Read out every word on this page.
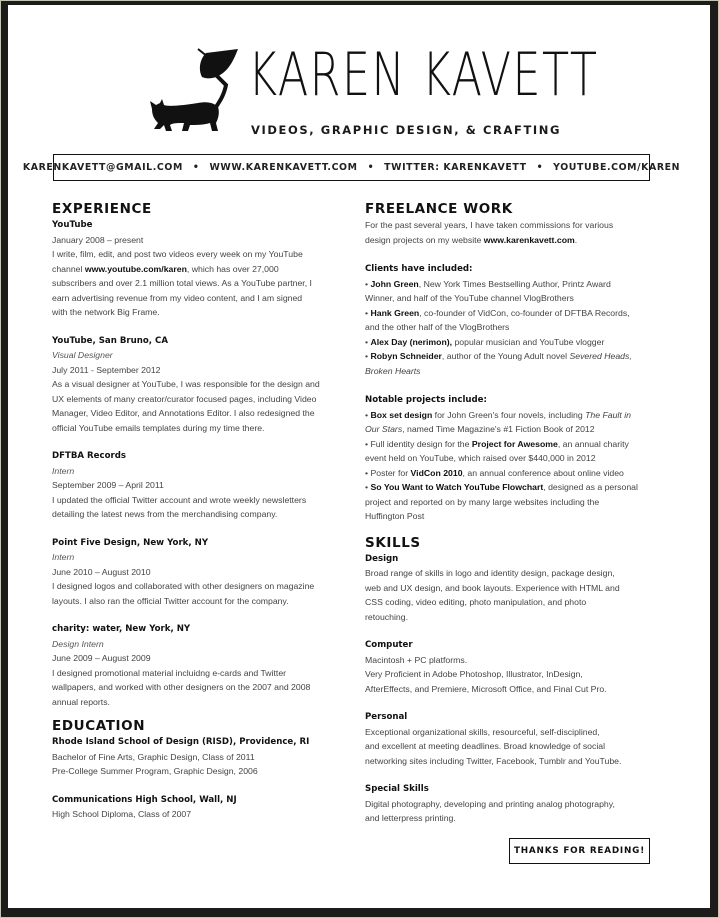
KAREN KAVETT
VIDEOS, GRAPHIC DESIGN, & CRAFTING
KARENKAVETT@GMAIL.COM • WWW.KARENKAVETT.COM • TWITTER: KARENKAVETT • YOUTUBE.COM/KAREN
EXPERIENCE
YouTube
January 2008 – present
I write, film, edit, and post two videos every week on my YouTube
channel www.youtube.com/karen, which has over 27,000
subscribers and over 2.1 million total views. As a YouTube partner, I
earn advertising revenue from my video content, and I am signed
with the network Big Frame.
YouTube, San Bruno, CA
Visual Designer
July 2011 - September 2012
As a visual designer at YouTube, I was responsible for the design and
UX elements of many creator/curator focused pages, including Video
Manager, Video Editor, and Annotations Editor. I also redesigned the
official YouTube emails templates during my time there.
DFTBA Records
Intern
September 2009 – April 2011
I updated the official Twitter account and wrote weekly newsletters
detailing the latest news from the merchandising company.
Point Five Design, New York, NY
Intern
June 2010 – August 2010
I designed logos and collaborated with other designers on magazine
layouts. I also ran the official Twitter account for the company.
charity: water, New York, NY
Design Intern
June 2009 – August 2009
I designed promotional material incluidng e-cards and Twitter
wallpapers, and worked with other designers on the 2007 and 2008
annual reports.
EDUCATION
Rhode Island School of Design (RISD), Providence, RI
Bachelor of Fine Arts, Graphic Design, Class of 2011
Pre-College Summer Program, Graphic Design, 2006
Communications High School, Wall, NJ
High School Diploma, Class of 2007
FREELANCE WORK
For the past several years, I have taken commissions for various
design projects on my website www.karenkavett.com.
Clients have included:
• John Green, New York Times Bestselling Author, Printz Award
Winner, and half of the YouTube channel VlogBrothers
• Hank Green, co-founder of VidCon, co-founder of DFTBA Records,
and the other half of the VlogBrothers
• Alex Day (nerimon), popular musician and YouTube vlogger
• Robyn Schneider, author of the Young Adult novel Severed Heads,
Broken Hearts
Notable projects include:
• Box set design for John Green's four novels, including The Fault in
Our Stars, named Time Magazine's #1 Fiction Book of 2012
• Full identity design for the Project for Awesome, an annual charity
event held on YouTube, which raised over $440,000 in 2012
• Poster for VidCon 2010, an annual conference about online video
• So You Want to Watch YouTube Flowchart, designed as a personal
project and reported on by many large websites including the
Huffington Post
SKILLS
Design
Broad range of skills in logo and identity design, package design,
web and UX design, and book layouts. Experience with HTML and
CSS coding, video editing, photo manipulation, and photo
retouching.
Computer
Macintosh + PC platforms.
Very Proficient in Adobe Photoshop, Illustrator, InDesign,
AfterEffects, and Premiere, Microsoft Office, and Final Cut Pro.
Personal
Exceptional organizational skills, resourceful, self-disciplined,
and excellent at meeting deadlines. Broad knowledge of social
networking sites including Twitter, Facebook, Tumblr and YouTube.
Special Skills
Digital photography, developing and printing analog photography,
and letterpress printing.
THANKS FOR READING!
